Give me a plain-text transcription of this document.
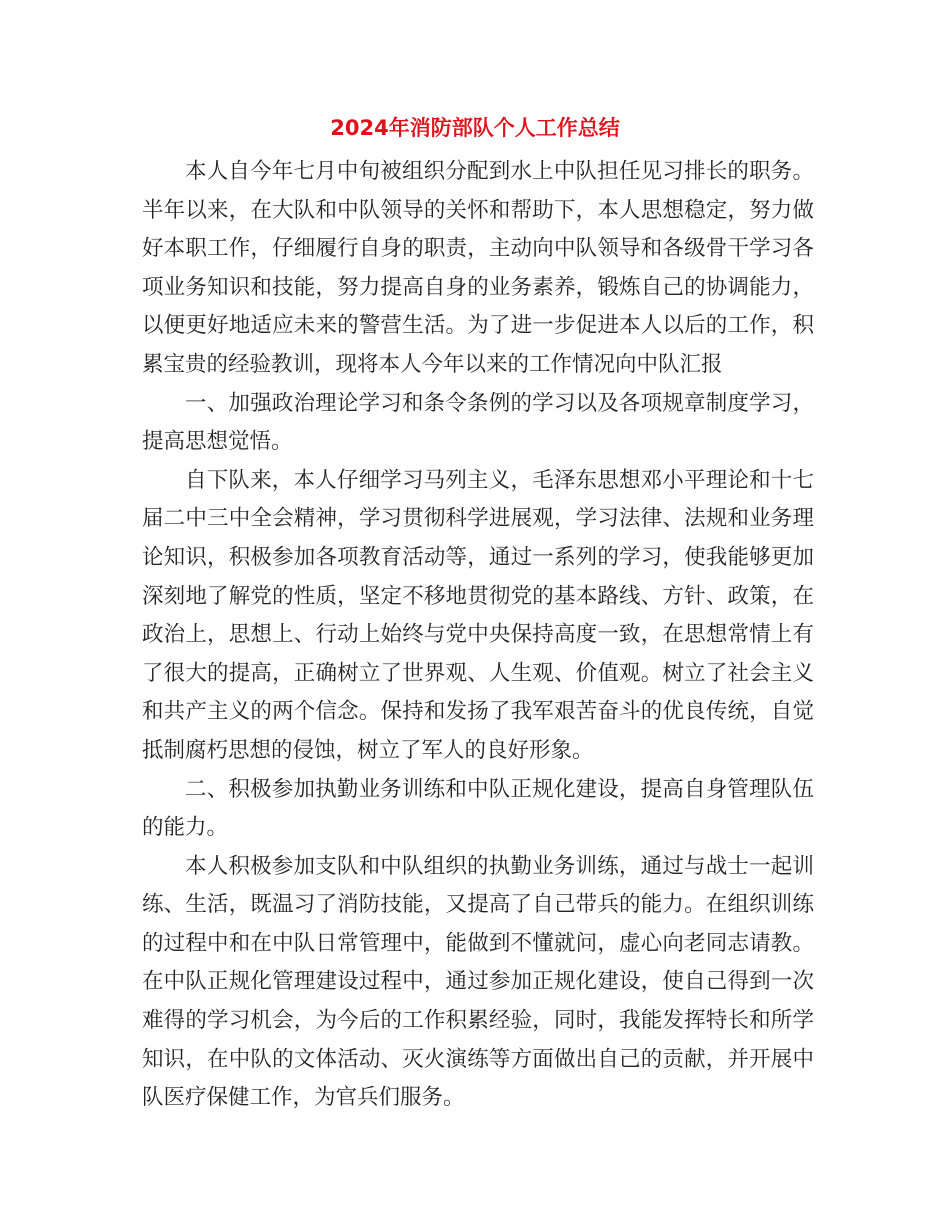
2024年消防部队个人工作总结

本人自今年七月中旬被组织分配到水上中队担任见习排长的职务。半年以来，在大队和中队领导的关怀和帮助下，本人思想稳定，努力做好本职工作，仔细履行自身的职责，主动向中队领导和各级骨干学习各项业务知识和技能，努力提高自身的业务素养，锻炼自己的协调能力，以便更好地适应未来的警营生活。为了进一步促进本人以后的工作，积累宝贵的经验教训，现将本人今年以来的工作情况向中队汇报

一、加强政治理论学习和条令条例的学习以及各项规章制度学习，提高思想觉悟。

自下队来，本人仔细学习马列主义，毛泽东思想邓小平理论和十七届二中三中全会精神，学习贯彻科学进展观，学习法律、法规和业务理论知识，积极参加各项教育活动等，通过一系列的学习，使我能够更加深刻地了解党的性质，坚定不移地贯彻党的基本路线、方针、政策，在政治上，思想上、行动上始终与党中央保持高度一致，在思想常情上有了很大的提高，正确树立了世界观、人生观、价值观。树立了社会主义和共产主义的两个信念。保持和发扬了我军艰苦奋斗的优良传统，自觉抵制腐朽思想的侵蚀，树立了军人的良好形象。

二、积极参加执勤业务训练和中队正规化建设，提高自身管理队伍的能力。

本人积极参加支队和中队组织的执勤业务训练，通过与战士一起训练、生活，既温习了消防技能，又提高了自己带兵的能力。在组织训练的过程中和在中队日常管理中，能做到不懂就问，虚心向老同志请教。在中队正规化管理建设过程中，通过参加正规化建设，使自己得到一次难得的学习机会，为今后的工作积累经验，同时，我能发挥特长和所学知识，在中队的文体活动、灭火演练等方面做出自己的贡献，并开展中队医疗保健工作，为官兵们服务。
